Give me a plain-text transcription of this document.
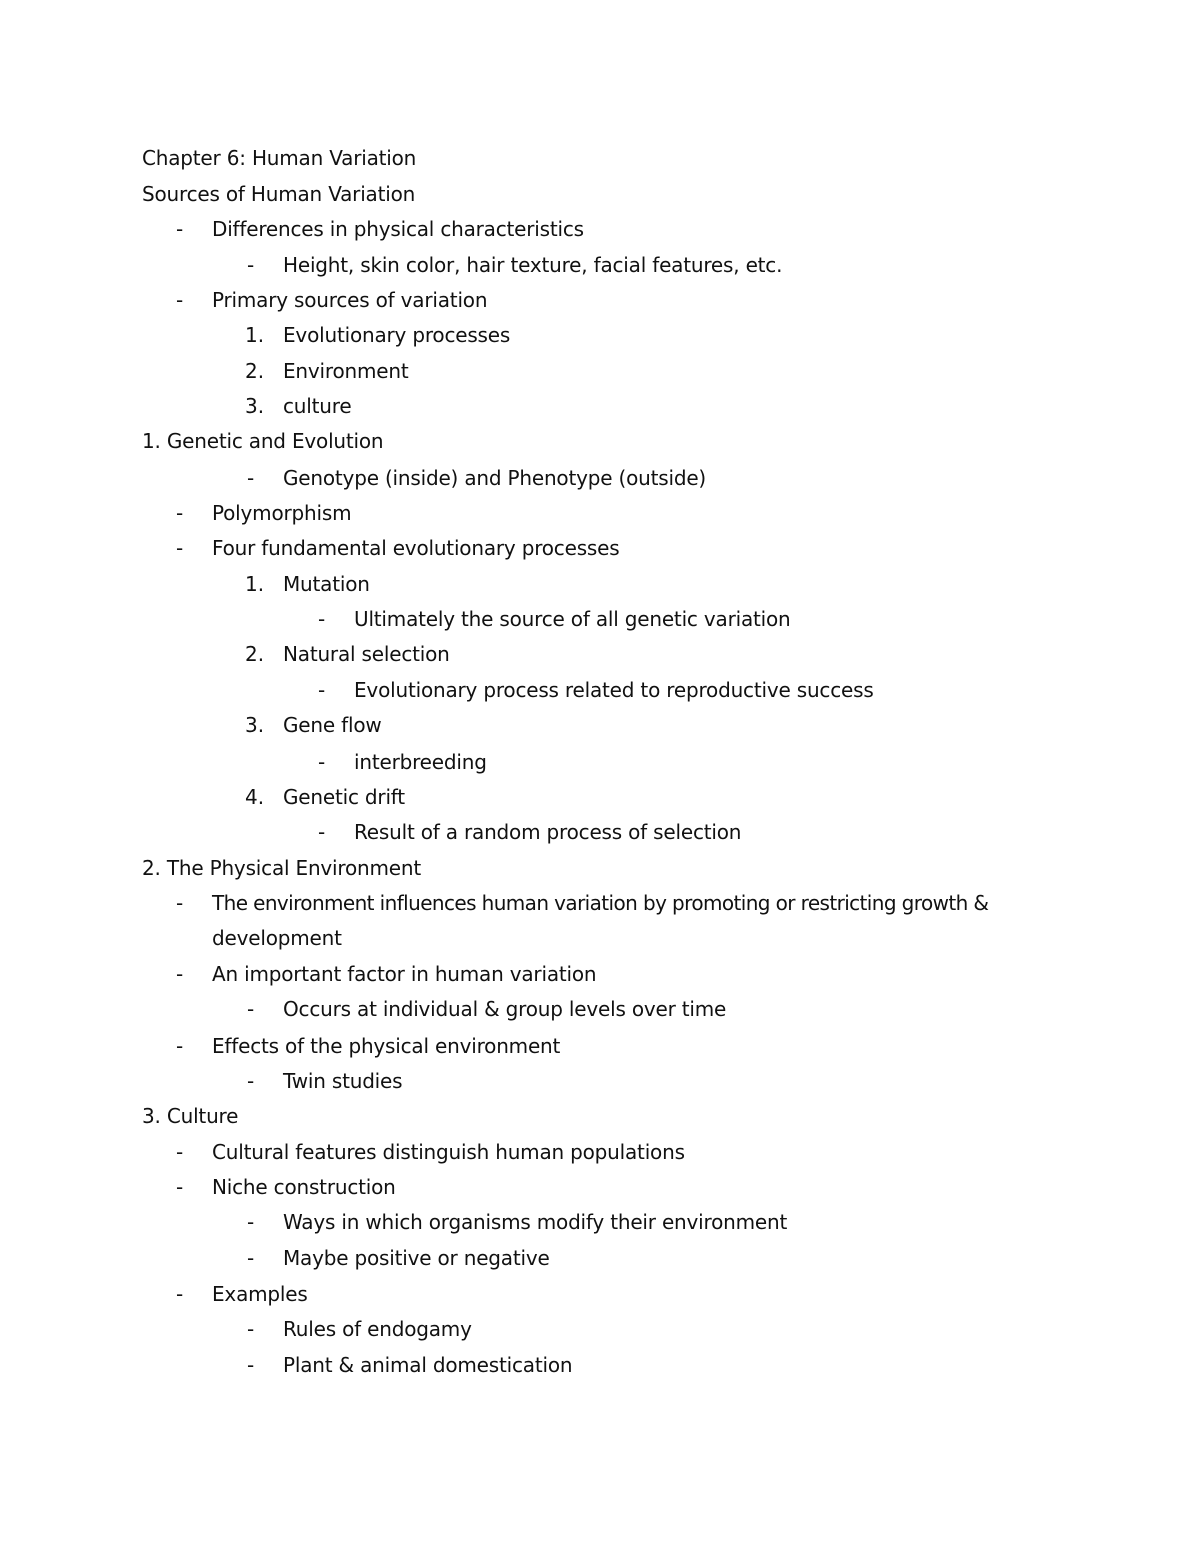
Chapter 6: Human Variation
Sources of Human Variation
- Differences in physical characteristics
- Height, skin color, hair texture, facial features, etc.
- Primary sources of variation
1. Evolutionary processes
2. Environment
3. culture
1. Genetic and Evolution
- Genotype (inside) and Phenotype (outside)
- Polymorphism
- Four fundamental evolutionary processes
1. Mutation
- Ultimately the source of all genetic variation
2. Natural selection
- Evolutionary process related to reproductive success
3. Gene flow
- interbreeding
4. Genetic drift
- Result of a random process of selection
2. The Physical Environment
- The environment influences human variation by promoting or restricting growth &
development
- An important factor in human variation
- Occurs at individual & group levels over time
- Effects of the physical environment
- Twin studies
3. Culture
- Cultural features distinguish human populations
- Niche construction
- Ways in which organisms modify their environment
- Maybe positive or negative
- Examples
- Rules of endogamy
- Plant & animal domestication
